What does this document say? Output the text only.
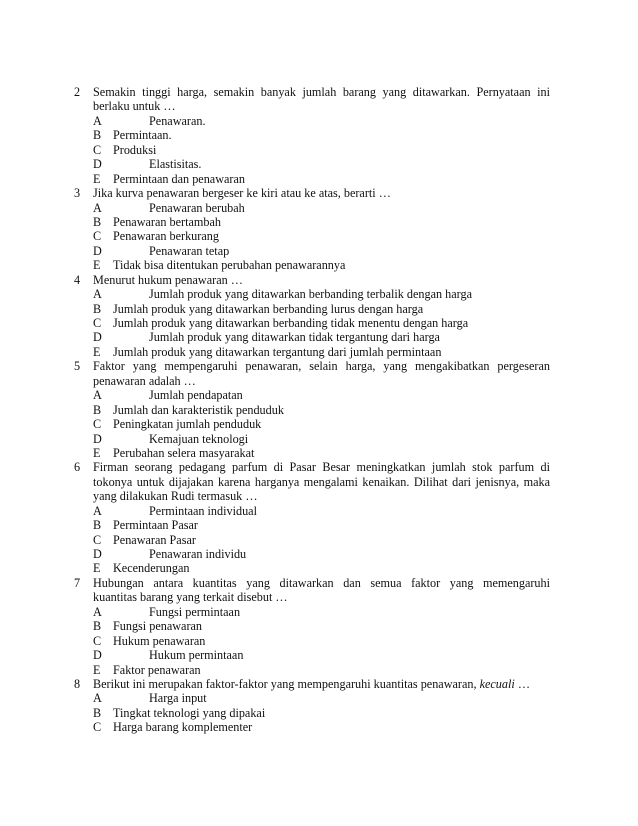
2 Semakin tinggi harga, semakin banyak jumlah barang yang ditawarkan. Pernyataan ini
berlaku untuk …
A	Penawaran.
B Permintaan.
C Produksi
D	Elastisitas.
E Permintaan dan penawaran
3 Jika kurva penawaran bergeser ke kiri atau ke atas, berarti …
A	Penawaran berubah
B Penawaran bertambah
C Penawaran berkurang
D	Penawaran tetap
E Tidak bisa ditentukan perubahan penawarannya
4 Menurut hukum penawaran …
A	Jumlah produk yang ditawarkan berbanding terbalik dengan harga
B Jumlah produk yang ditawarkan berbanding lurus dengan harga
C Jumlah produk yang ditawarkan berbanding tidak menentu dengan harga
D	Jumlah produk yang ditawarkan tidak tergantung dari harga
E Jumlah produk yang ditawarkan tergantung dari jumlah permintaan
5 Faktor yang mempengaruhi penawaran, selain harga, yang mengakibatkan pergeseran
penawaran adalah …
A	Jumlah pendapatan
B Jumlah dan karakteristik penduduk
C Peningkatan jumlah penduduk
D	Kemajuan teknologi
E Perubahan selera masyarakat
6 Firman seorang pedagang parfum di Pasar Besar meningkatkan jumlah stok parfum di
tokonya untuk dijajakan karena harganya mengalami kenaikan. Dilihat dari jenisnya, maka
yang dilakukan Rudi termasuk …
A	Permintaan individual
B Permintaan Pasar
C Penawaran Pasar
D	Penawaran individu
E Kecenderungan
7 Hubungan antara kuantitas yang ditawarkan dan semua faktor yang memengaruhi
kuantitas barang yang terkait disebut …
A	Fungsi permintaan
B Fungsi penawaran
C Hukum penawaran
D	Hukum permintaan
E Faktor penawaran
8 Berikut ini merupakan faktor-faktor yang mempengaruhi kuantitas penawaran, kecuali …
A	Harga input
B Tingkat teknologi yang dipakai
C Harga barang komplementer
